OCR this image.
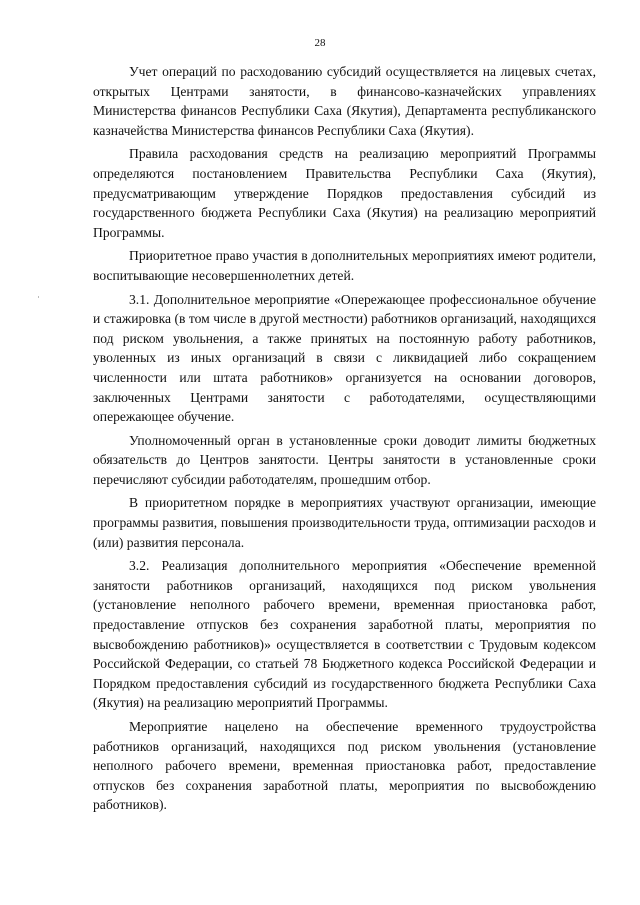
28

Учет операций по расходованию субсидий осуществляется на лицевых счетах, открытых Центрами занятости, в финансово-казначейских управлениях Министерства финансов Республики Саха (Якутия), Департамента республиканского казначейства Министерства финансов Республики Саха (Якутия).

Правила расходования средств на реализацию мероприятий Программы определяются постановлением Правительства Республики Саха (Якутия), предусматривающим утверждение Порядков предоставления субсидий из государственного бюджета Республики Саха (Якутия) на реализацию мероприятий Программы.

Приоритетное право участия в дополнительных мероприятиях имеют родители, воспитывающие несовершеннолетних детей.

3.1. Дополнительное мероприятие «Опережающее профессиональное обучение и стажировка (в том числе в другой местности) работников организаций, находящихся под риском увольнения, а также принятых на постоянную работу работников, уволенных из иных организаций в связи с ликвидацией либо сокращением численности или штата работников» организуется на основании договоров, заключенных Центрами занятости с работодателями, осуществляющими опережающее обучение.

Уполномоченный орган в установленные сроки доводит лимиты бюджетных обязательств до Центров занятости. Центры занятости в установленные сроки перечисляют субсидии работодателям, прошедшим отбор.

В приоритетном порядке в мероприятиях участвуют организации, имеющие программы развития, повышения производительности труда, оптимизации расходов и (или) развития персонала.

3.2. Реализация дополнительного мероприятия «Обеспечение временной занятости работников организаций, находящихся под риском увольнения (установление неполного рабочего времени, временная приостановка работ, предоставление отпусков без сохранения заработной платы, мероприятия по высвобождению работников)» осуществляется в соответствии с Трудовым кодексом Российской Федерации, со статьей 78 Бюджетного кодекса Российской Федерации и Порядком предоставления субсидий из государственного бюджета Республики Саха (Якутия) на реализацию мероприятий Программы.

Мероприятие нацелено на обеспечение временного трудоустройства работников организаций, находящихся под риском увольнения (установление неполного рабочего времени, временная приостановка работ, предоставление отпусков без сохранения заработной платы, мероприятия по высвобождению работников).
